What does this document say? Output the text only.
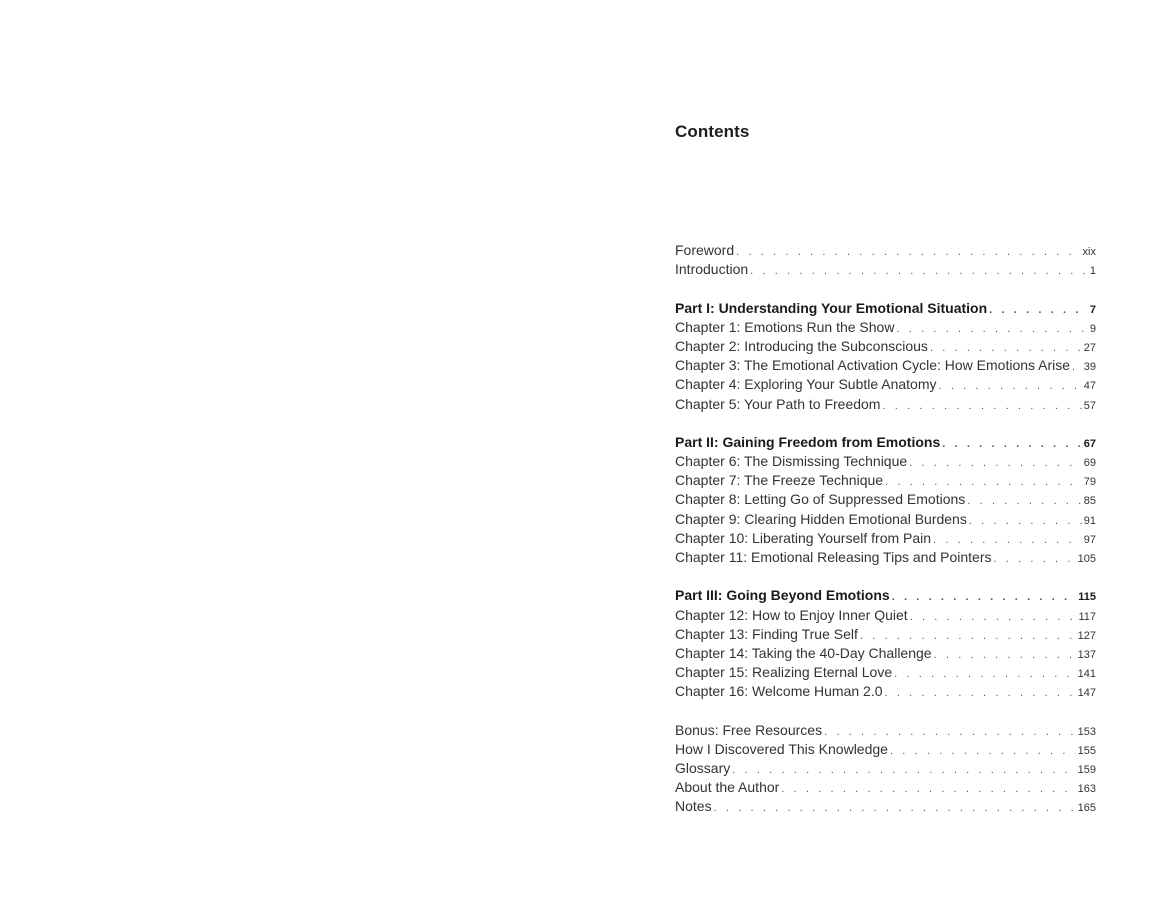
Contents
Foreword . . .	xix
Introduction . . .	1
Part I: Understanding Your Emotional Situation . . .	7
Chapter 1: Emotions Run the Show . . .	9
Chapter 2: Introducing the Subconscious . . .	27
Chapter 3: The Emotional Activation Cycle: How Emotions Arise . . . 39
Chapter 4: Exploring Your Subtle Anatomy . . .	47
Chapter 5: Your Path to Freedom . . .	57
Part II: Gaining Freedom from Emotions . . .	67
Chapter 6: The Dismissing Technique . . .	69
Chapter 7: The Freeze Technique . . .	79
Chapter 8: Letting Go of Suppressed Emotions . . .	85
Chapter 9: Clearing Hidden Emotional Burdens . . .	91
Chapter 10: Liberating Yourself from Pain . . .	97
Chapter 11: Emotional Releasing Tips and Pointers . . .	105
Part III: Going Beyond Emotions . . .	115
Chapter 12: How to Enjoy Inner Quiet . . .	117
Chapter 13: Finding True Self . . .	127
Chapter 14: Taking the 40-Day Challenge . . .	137
Chapter 15: Realizing Eternal Love . . .	141
Chapter 16: Welcome Human 2.0 . . .	147
Bonus: Free Resources . . .	153
How I Discovered This Knowledge . . .	155
Glossary . . .	159
About the Author . . .	163
Notes . . .	165
